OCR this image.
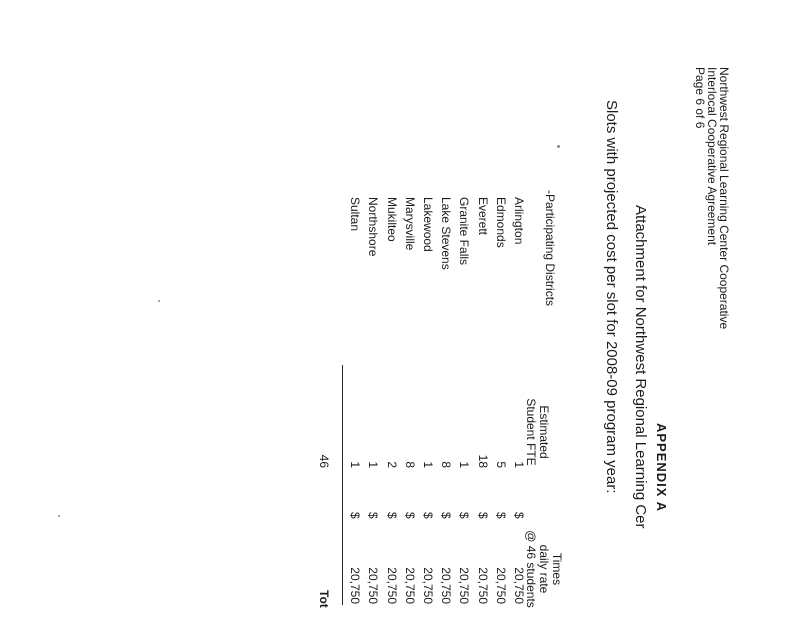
Northwest Regional Learning Center Cooperative
Interlocal Cooperative Agreement
Page 6 of 6
APPENDIX A
Attachment for Northwest Regional Learning Cer
Slots with projected cost per slot for 2008-09 program year:
-Participating Districts
Estimated
Student FTE
Times
daily rate
@ 46 students
Arlington
1
$
20,750
Edmonds
5
$
20,750
Everett
18
$
20,750
Granite Falls
1
$
20,750
Lake Stevens
8
$
20,750
Lakewood
1
$
20,750
Marysville
8
$
20,750
Mukilteo
2
$
20,750
Northshore
1
$
20,750
Sultan
1
$
20,750
46
Tot
